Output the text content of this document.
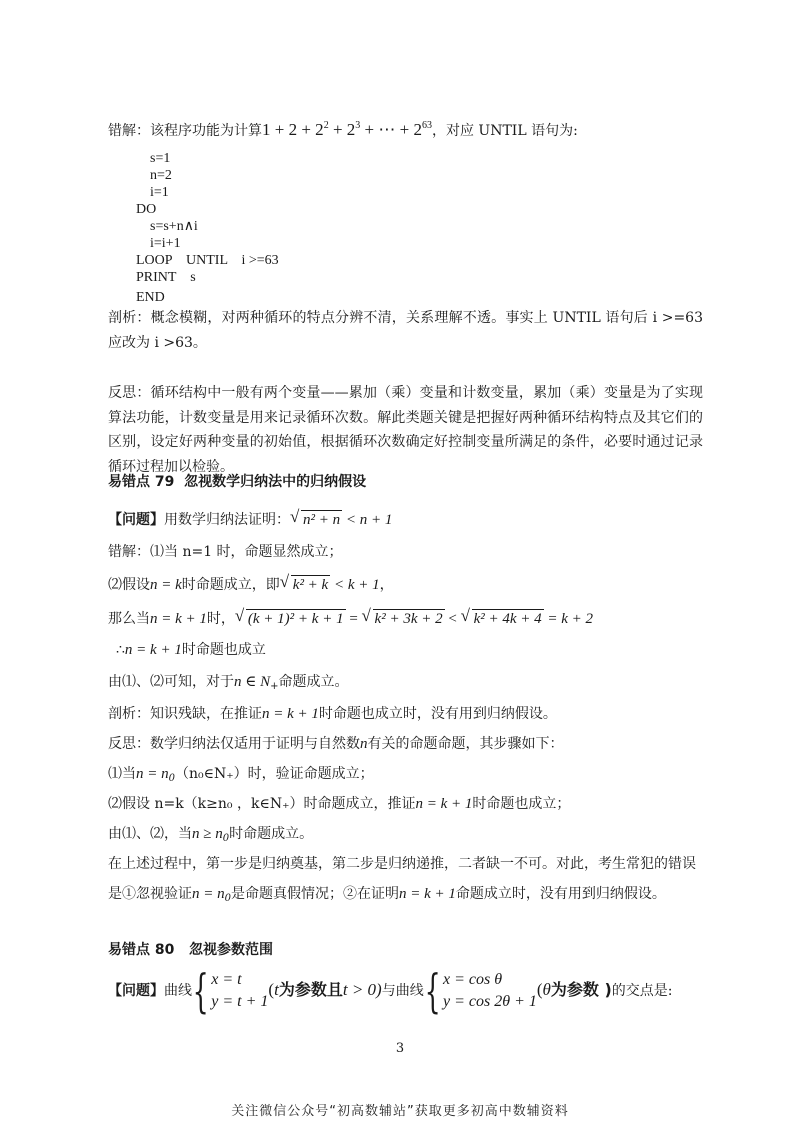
错解：该程序功能为计算$1 + 2 + 2^2 + 2^3$ + ⋯ + $2^{63}$，对应 UNTIL 语句为:
s=1
n=2
i=1
DO
s=s+n∧i
i=i+1
LOOP    UNTIL    i >=63
PRINT    s
END
剖析：概念模糊，对两种循环的特点分辨不清，关系理解不透。事实上 UNTIL 语句后 i >=63 应改为 i >63。
反思：循环结构中一般有两个变量——累加（乘）变量和计数变量，累加（乘）变量是为了实现算法功能，计数变量是用来记录循环次数。解此类题关键是把握好两种循环结构特点及其它们的区别，设定好两种变量的初始值，根据循环次数确定好控制变量所满足的条件，必要时通过记录循环过程加以检验。
易错点 79  忽视数学归纳法中的归纳假设
【问题】用数学归纳法证明： √ n² + n < n + 1
错解：⑴当 n=1 时，命题显然成立；
⑵假设n = k时命题成立，即 √ k² + k < k + 1，
那么当n = k + 1时， √ (k + 1)² + k + 1 = √ k² + 3k + 2 < √ k² + 4k + 4 = k + 2
∴n = k + 1时命题也成立
由⑴、⑵可知，对于n ∈ $N_+$命题成立。
剖析：知识残缺，在推证n = k + 1时命题也成立时，没有用到归纳假设。
反思：数学归纳法仅适用于证明与自然数n有关的命题命题，其步骤如下：
⑴当$n = n_0(n_0\in N_+)$时，验证命题成立；
⑵假设 n=k（k≥n₀ ，k∈N₊）时命题成立，推证n = k + 1时命题也成立；
由⑴、⑵，当$n \ge n_0$时命题成立。
在上述过程中，第一步是归纳奠基，第二步是归纳递推，二者缺一不可。对此，考生常犯的错误
是①忽视验证$n = n_0$是命题真假情况；②在证明n = k + 1命题成立时，没有用到归纳假设。
易错点 80   忽视参数范围
【问题】曲线{ x = t
y = t + 1(t为参数且t > 0)与曲线{ x = cos θ
y = cos 2θ + 1(θ为参数 )的交点是:
3
关注微信公众号“初高数辅站”获取更多初高中数辅资料
